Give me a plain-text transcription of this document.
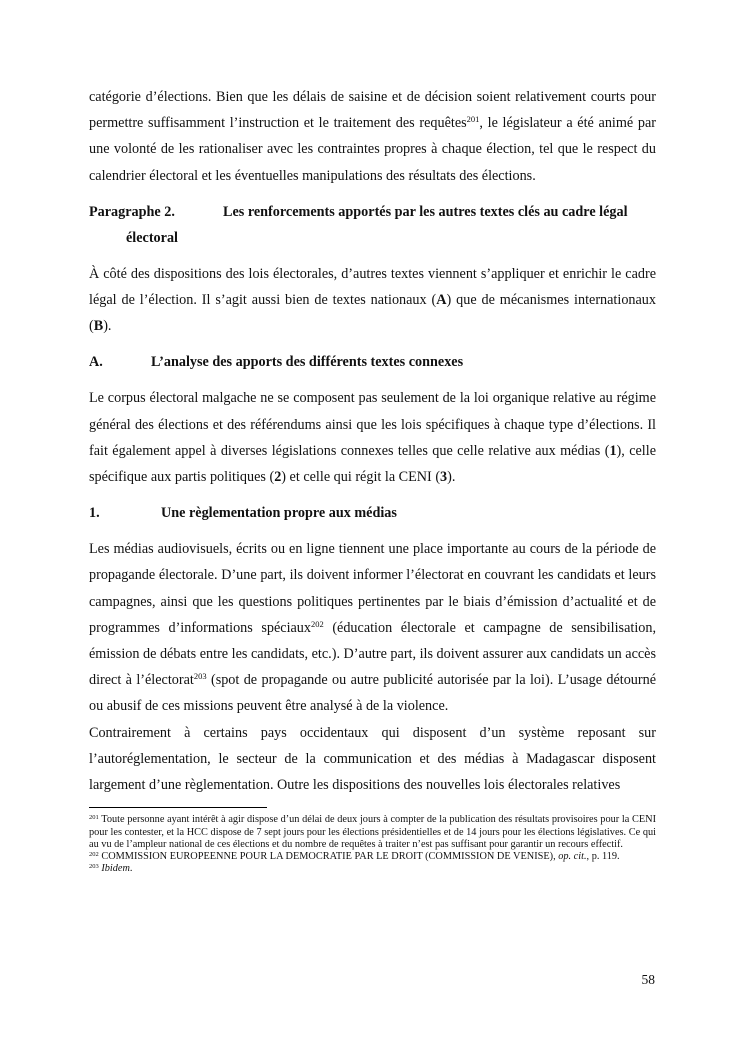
catégorie d’élections. Bien que les délais de saisine et de décision soient relativement courts pour permettre suffisamment l’instruction et le traitement des requêtes$^{201}$, le législateur a été animé par une volonté de les rationaliser avec les contraintes propres à chaque élection, tel que le respect du calendrier électoral et les éventuelles manipulations des résultats des élections.

Paragraphe 2.	Les renforcements apportés par les autres textes clés au cadre légal
électoral

À côté des dispositions des lois électorales, d’autres textes viennent s’appliquer et enrichir le cadre légal de l’élection. Il s’agit aussi bien de textes nationaux (A) que de mécanismes internationaux (B).

A.	L’analyse des apports des différents textes connexes

Le corpus électoral malgache ne se composent pas seulement de la loi organique relative au régime général des élections et des référendums ainsi que les lois spécifiques à chaque type d’élections. Il fait également appel à diverses législations connexes telles que celle relative aux médias (1), celle spécifique aux partis politiques (2) et celle qui régit la CENI (3).

1.	Une règlementation propre aux médias

Les médias audiovisuels, écrits ou en ligne tiennent une place importante au cours de la période de propagande électorale. D’une part, ils doivent informer l’électorat en couvrant les candidats et leurs campagnes, ainsi que les questions politiques pertinentes par le biais d’émission d’actualité et de programmes d’informations spéciaux$^{202}$ (éducation électorale et campagne de sensibilisation, émission de débats entre les candidats, etc.). D’autre part, ils doivent assurer aux candidats un accès direct à l’électorat$^{203}$ (spot de propagande ou autre publicité autorisée par la loi). L’usage détourné ou abusif de ces missions peuvent être analysé à de la violence.

Contrairement à certains pays occidentaux qui disposent d’un système reposant sur l’autoréglementation, le secteur de la communication et des médias à Madagascar disposent largement d’une règlementation. Outre les dispositions des nouvelles lois électorales relatives

$^{201}$ Toute personne ayant intérêt à agir dispose d’un délai de deux jours à compter de la publication des résultats provisoires pour la CENI pour les contester, et la HCC dispose de 7 sept jours pour les élections présidentielles et de 14 jours pour les élections législatives. Ce qui au vu de l’ampleur national de ces élections et du nombre de requêtes à traiter n’est pas suffisant pour garantir un recours effectif.

$^{202}$ COMMISSION EUROPEENNE POUR LA DEMOCRATIE PAR LE DROIT (COMMISSION DE VENISE), op. cit., p. 119.

$^{203}$ Ibidem.

58
